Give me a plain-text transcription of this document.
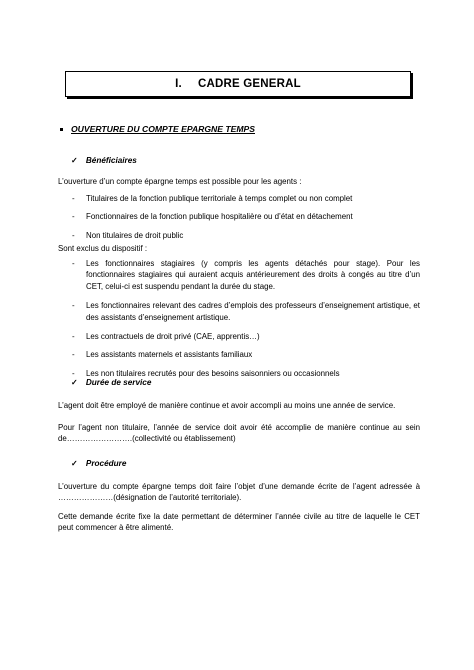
I. CADRE GENERAL
OUVERTURE DU COMPTE EPARGNE TEMPS
✓ Bénéficiaires
L’ouverture d’un compte épargne temps est possible pour les agents :
- Titulaires de la fonction publique territoriale à temps complet ou non complet
- Fonctionnaires de la fonction publique hospitalière ou d’état en détachement
- Non titulaires de droit public
Sont exclus du dispositif :
- Les fonctionnaires stagiaires (y compris les agents détachés pour stage). Pour les fonctionnaires stagiaires qui auraient acquis antérieurement des droits à congés au titre d’un CET, celui-ci est suspendu pendant la durée du stage.
- Les fonctionnaires relevant des cadres d’emplois des professeurs d’enseignement artistique, et des assistants d’enseignement artistique.
- Les contractuels de droit privé (CAE, apprentis…)
- Les assistants maternels et assistants familiaux
- Les non titulaires recrutés pour des besoins saisonniers ou occasionnels
✓ Durée de service
L’agent doit être employé de manière continue et avoir accompli au moins une année de service.
Pour l’agent non titulaire, l’année de service doit avoir été accomplie de manière continue au sein de…………………….(collectivité ou établissement)
✓ Procédure
L’ouverture du compte épargne temps doit faire l’objet d’une demande écrite de l’agent adressée à …………………(désignation de l’autorité territoriale).
Cette demande écrite fixe la date permettant de déterminer l’année civile au titre de laquelle le CET peut commencer à être alimenté.
